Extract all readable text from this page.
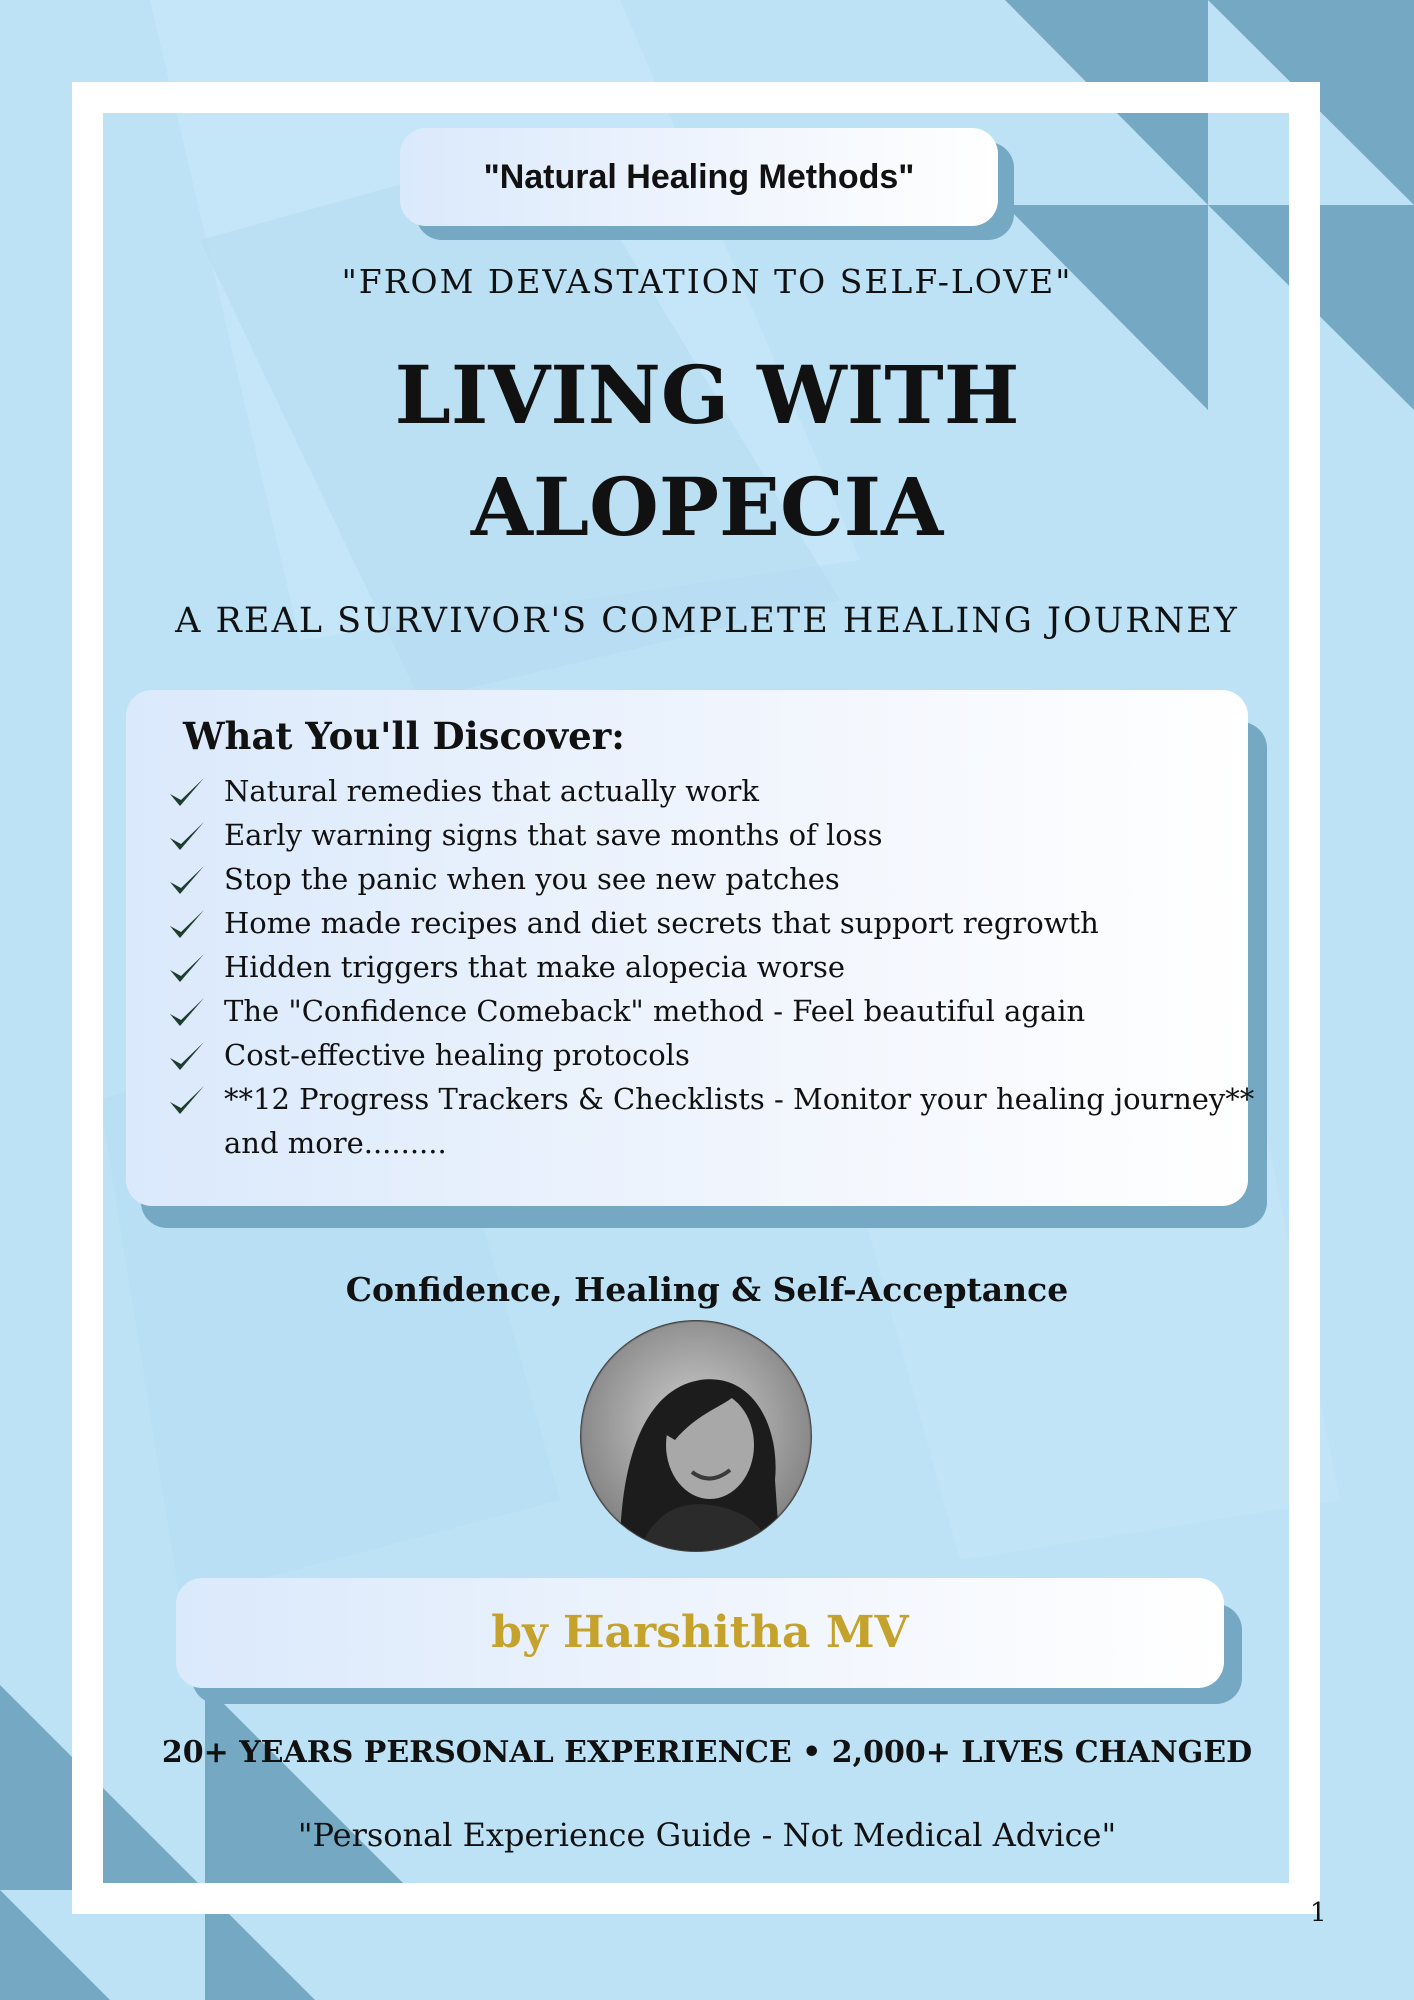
"Natural Healing Methods"
"FROM DEVASTATION TO SELF-LOVE"
LIVING WITH
ALOPECIA
A REAL SURVIVOR'S COMPLETE HEALING JOURNEY
What You'll Discover:
Natural remedies that actually work
Early warning signs that save months of loss
Stop the panic when you see new patches
Home made recipes and diet secrets that support regrowth
Hidden triggers that make alopecia worse
The "Confidence Comeback" method - Feel beautiful again
Cost-effective healing protocols
**12 Progress Trackers & Checklists - Monitor your healing journey**
and more.........
Confidence, Healing & Self-Acceptance
by Harshitha MV
20+ YEARS PERSONAL EXPERIENCE • 2,000+ LIVES CHANGED
"Personal Experience Guide - Not Medical Advice"
1
